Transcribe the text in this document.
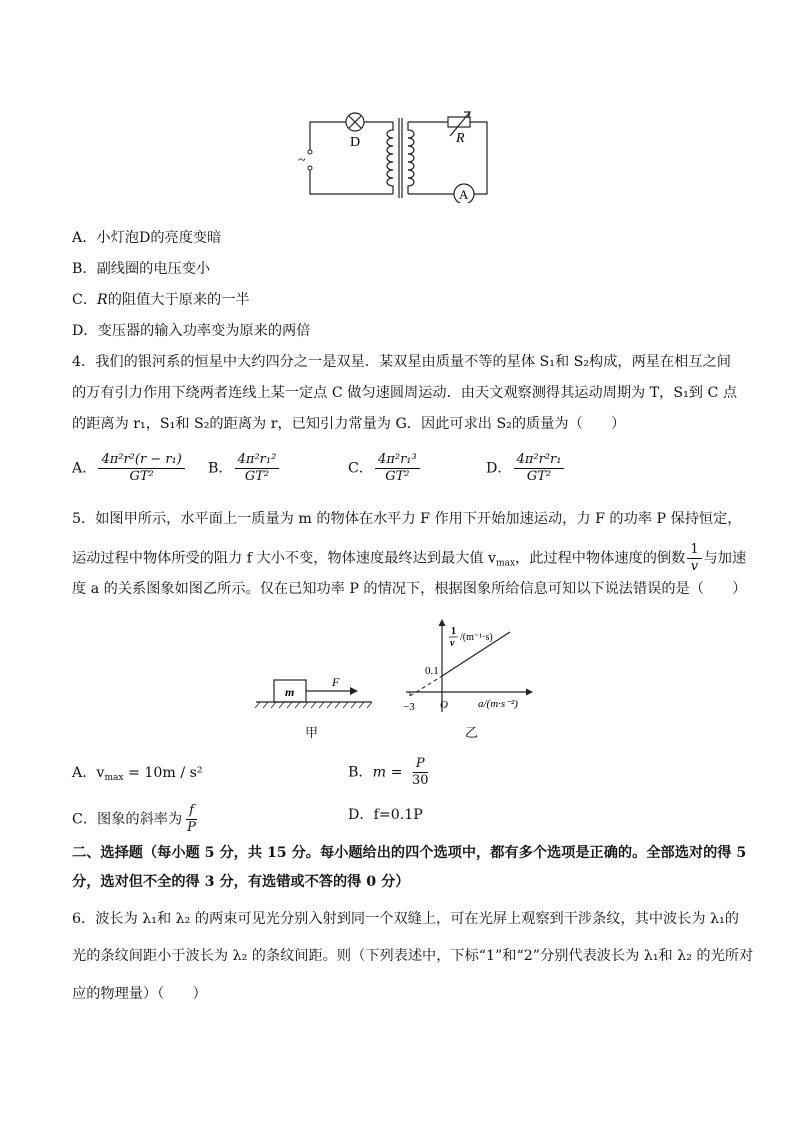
~
D	R
A
A．小灯泡D的亮度变暗
B．副线圈的电压变小
C．R的阻值大于原来的一半
D．变压器的输入功率变为原来的两倍
4．我们的银河系的恒星中大约四分之一是双星．某双星由质量不等的星体 S₁和 S₂构成，两星在相互之间
的万有引力作用下绕两者连线上某一定点 C 做匀速圆周运动．由天文观察测得其运动周期为 T，S₁到 C 点
的距离为 r₁，S₁和 S₂的距离为 r，已知引力常量为 G．因此可求出 S₂的质量为（　　）
A． $\frac{\text{4π²r²(r − r₁)}}{\text{GT²}}$ B． $\frac{\text{4π²r₁²}}{\text{GT²}}$	C． $\frac{\text{4π²r₁³}}{\text{GT²}}$	D． $\frac{\text{4π²r²r₁}}{\text{GT²}}$
5．如图甲所示，水平面上一质量为 m 的物体在水平力 F 作用下开始加速运动，力 F 的功率 P 保持恒定，
运动过程中物体所受的阻力 f 大小不变，物体速度最终达到最大值 $v_{max}$，此过程中物体速度的倒数 $\frac{1}{v}$ 与加速
度 a 的关系图象如图乙所示。仅在已知功率 P 的情况下，根据图象所给信息可知以下说法错误的是（　　）
m
F
甲
0.1
O
−3	a/(m·s⁻²)
1
v
/(m⁻¹·s)
乙
A．$v_{max} = 10m / s^2$	B．$m = \frac{P}{30}$
C．图象的斜率为 $\frac{f}{P}$	D．f=0.1P
二、选择题（每小题 5 分，共 15 分。每小题给出的四个选项中，都有多个选项是正确的。全部选对的得 5
分，选对但不全的得 3 分，有选错或不答的得 0 分）
6．波长为 λ₁和 λ₂ 的两束可见光分别入射到同一个双缝上，可在光屏上观察到干涉条纹，其中波长为 λ₁的
光的条纹间距小于波长为 λ₂ 的条纹间距。则（下列表述中，下标“1”和“2”分别代表波长为 λ₁和 λ₂ 的光所对
应的物理量）（　　）
